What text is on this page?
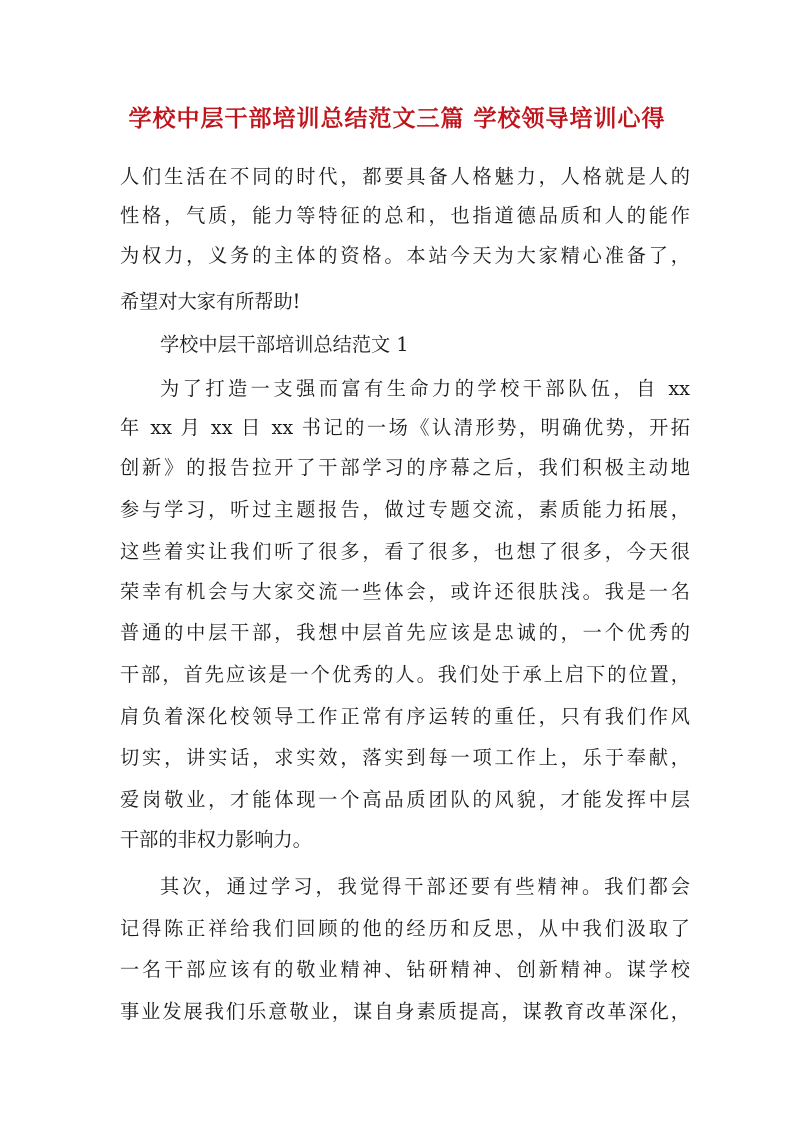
学校中层干部培训总结范文三篇 学校领导培训心得
人们生活在不同的时代，都要具备人格魅力，人格就是人的
性格，气质，能力等特征的总和，也指道德品质和人的能作
为权力，义务的主体的资格。本站今天为大家精心准备了，
希望对大家有所帮助!
学校中层干部培训总结范文 1
为了打造一支强而富有生命力的学校干部队伍，自 xx
年 xx 月 xx 日 xx 书记的一场《认清形势，明确优势，开拓
创新》的报告拉开了干部学习的序幕之后，我们积极主动地
参与学习，听过主题报告，做过专题交流，素质能力拓展，
这些着实让我们听了很多，看了很多，也想了很多，今天很
荣幸有机会与大家交流一些体会，或许还很肤浅。我是一名
普通的中层干部，我想中层首先应该是忠诚的，一个优秀的
干部，首先应该是一个优秀的人。我们处于承上启下的位置，
肩负着深化校领导工作正常有序运转的重任，只有我们作风
切实，讲实话，求实效，落实到每一项工作上，乐于奉献，
爱岗敬业，才能体现一个高品质团队的风貌，才能发挥中层
干部的非权力影响力。
其次，通过学习，我觉得干部还要有些精神。我们都会
记得陈正祥给我们回顾的他的经历和反思，从中我们汲取了
一名干部应该有的敬业精神、钻研精神、创新精神。谋学校
事业发展我们乐意敬业，谋自身素质提高，谋教育改革深化，
